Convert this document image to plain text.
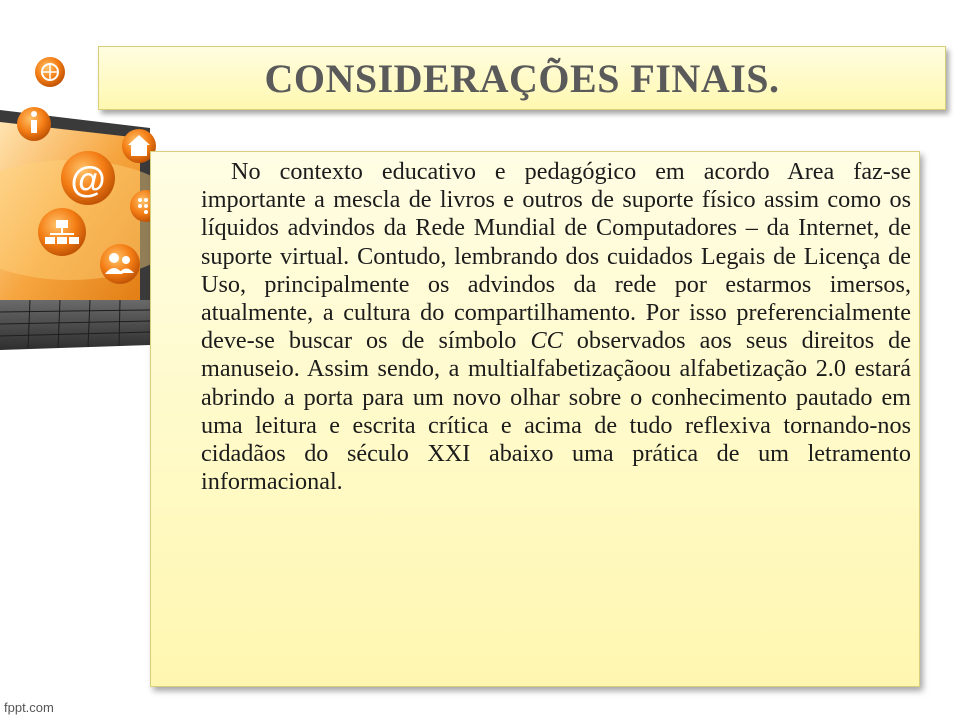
@
CONSIDERAÇÕES FINAIS.

No contexto educativo e pedagógico em acordo Area faz-se importante a mescla de livros e outros de suporte físico assim como os líquidos advindos da Rede Mundial de Computadores – da Internet, de suporte virtual. Contudo, lembrando dos cuidados Legais de Licença de Uso, principalmente os advindos da rede por estarmos imersos, atualmente, a cultura do compartilhamento. Por isso preferencialmente deve-se buscar os de símbolo CC observados aos seus direitos de manuseio. Assim sendo, a multialfabetizaçãoou alfabetização 2.0 estará abrindo a porta para um novo olhar sobre o conhecimento pautado em uma leitura e escrita crítica e acima de tudo reflexiva tornando-nos cidadãos do século XXI abaixo uma prática de um letramento informacional.

fppt.com
